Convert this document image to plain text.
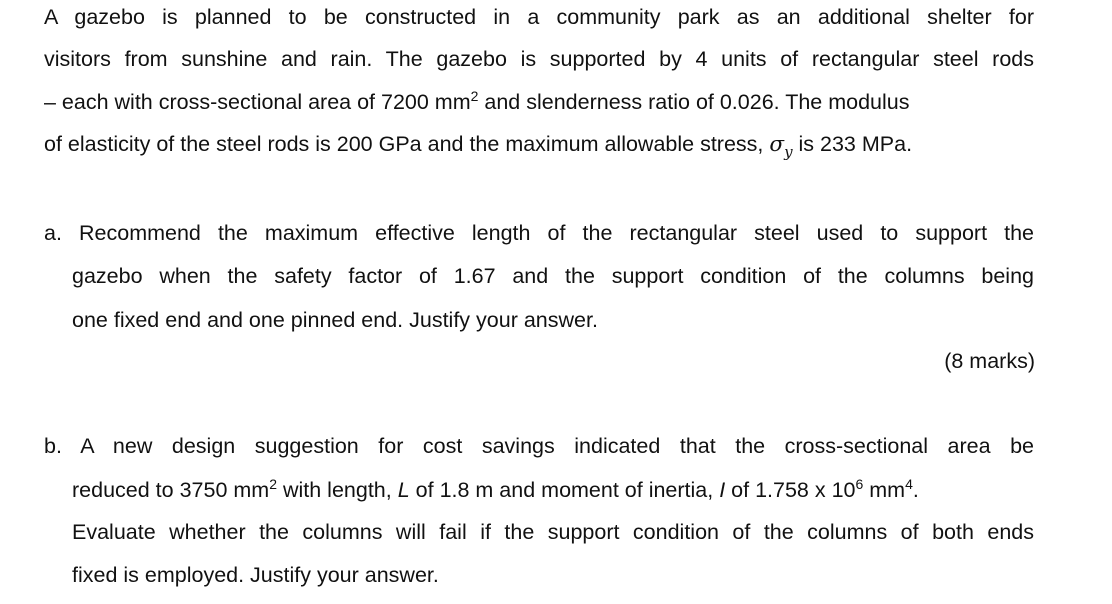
A gazebo is planned to be constructed in a community park as an additional shelter for
visitors from sunshine and rain. The gazebo is supported by 4 units of rectangular steel rods
– each with cross-sectional area of 7200 $mm^2$ and slenderness ratio of 0.026. The modulus
of elasticity of the steel rods is 200 GPa and the maximum allowable stress, $\sigma_y$ is 233 MPa.
a. Recommend the maximum effective length of the rectangular steel used to support the
gazebo when the safety factor of 1.67 and the support condition of the columns being
one fixed end and one pinned end. Justify your answer.
(8 marks)
b. A new design suggestion for cost savings indicated that the cross-sectional area be
reduced to 3750 $mm^2$ with length, L of 1.8 m and moment of inertia, I of 1.758 x $10^6$ $mm^4$.
Evaluate whether the columns will fail if the support condition of the columns of both ends
fixed is employed. Justify your answer.
